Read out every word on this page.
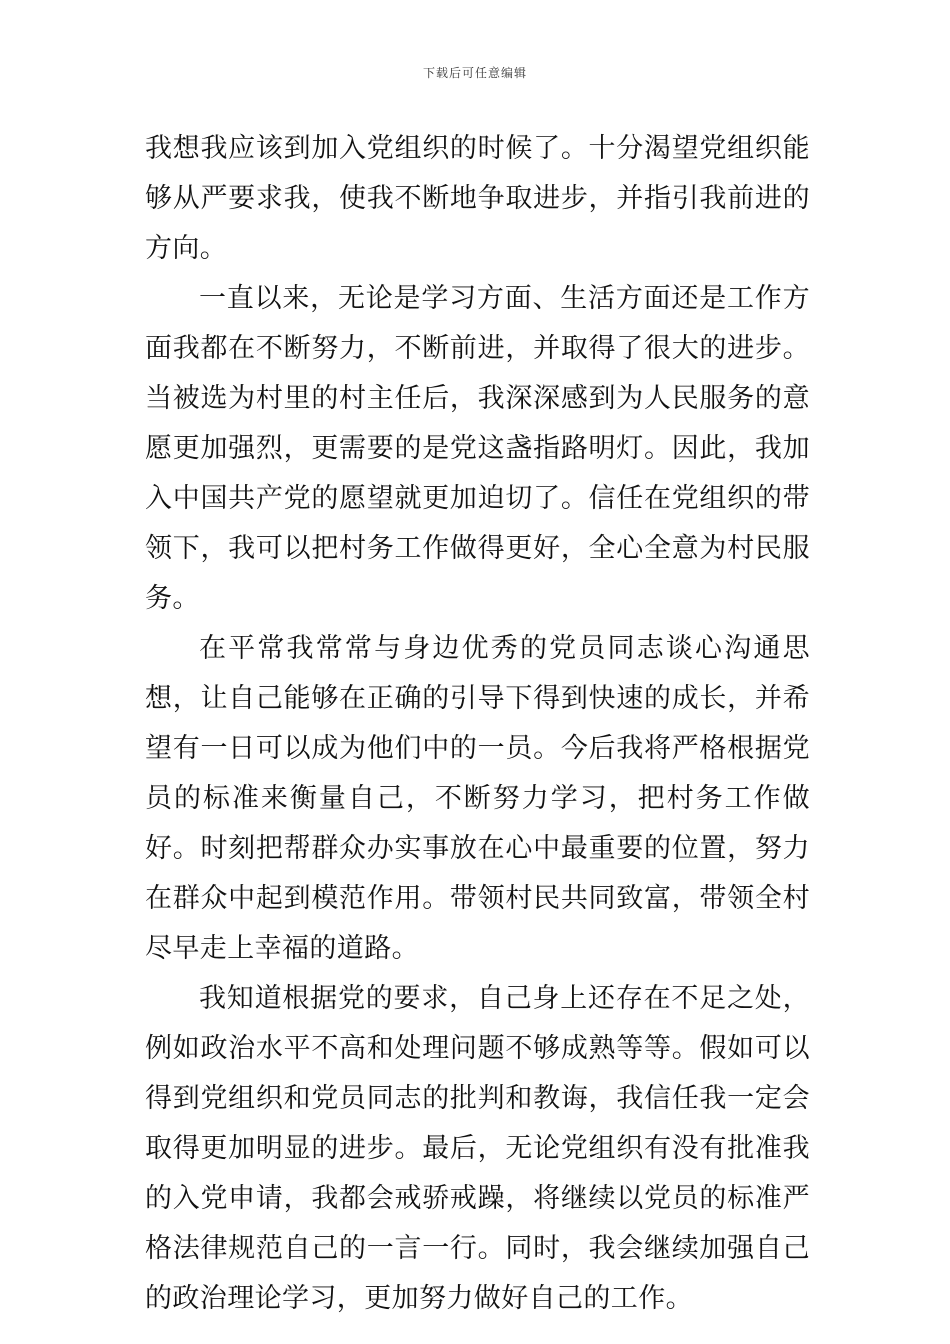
下载后可任意编辑

我想我应该到加入党组织的时候了。十分渴望党组织能够从严要求我，使我不断地争取进步，并指引我前进的方向。

一直以来，无论是学习方面、生活方面还是工作方面我都在不断努力，不断前进，并取得了很大的进步。当被选为村里的村主任后，我深深感到为人民服务的意愿更加强烈，更需要的是党这盏指路明灯。因此，我加入中国共产党的愿望就更加迫切了。信任在党组织的带领下，我可以把村务工作做得更好，全心全意为村民服务。

在平常我常常与身边优秀的党员同志谈心沟通思想，让自己能够在正确的引导下得到快速的成长，并希望有一日可以成为他们中的一员。今后我将严格根据党员的标准来衡量自己，不断努力学习，把村务工作做好。时刻把帮群众办实事放在心中最重要的位置，努力在群众中起到模范作用。带领村民共同致富，带领全村尽早走上幸福的道路。

我知道根据党的要求，自己身上还存在不足之处，例如政治水平不高和处理问题不够成熟等等。假如可以得到党组织和党员同志的批判和教诲，我信任我一定会取得更加明显的进步。最后，无论党组织有没有批准我的入党申请，我都会戒骄戒躁，将继续以党员的标准严格法律规范自己的一言一行。同时，我会继续加强自己的政治理论学习，更加努力做好自己的工作。
